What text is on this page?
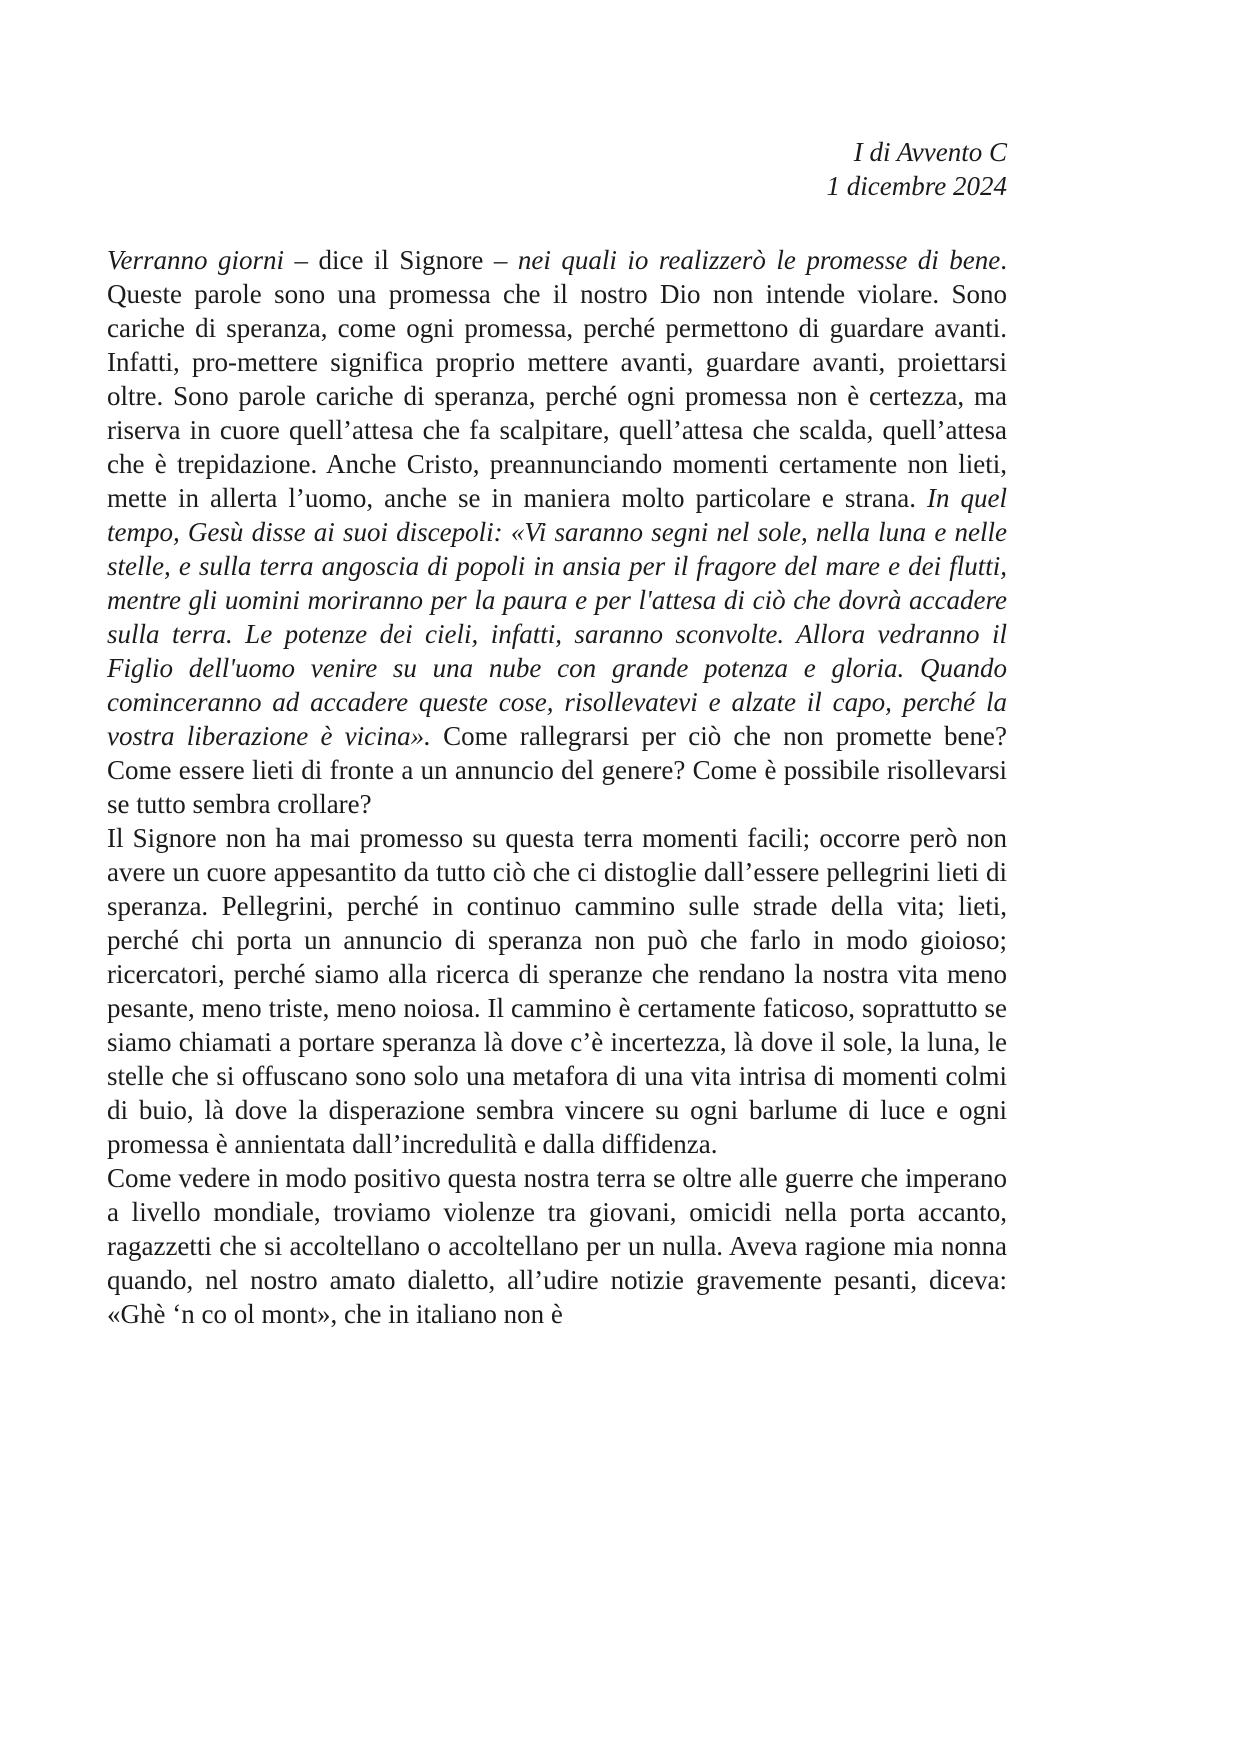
I di Avvento C
1 dicembre 2024

Verranno giorni – dice il Signore – nei quali io realizzerò le promesse di bene. Queste parole sono una promessa che il nostro Dio non intende violare. Sono cariche di speranza, come ogni promessa, perché permettono di guardare avanti. Infatti, pro-mettere significa proprio mettere avanti, guardare avanti, proiettarsi oltre. Sono parole cariche di speranza, perché ogni promessa non è certezza, ma riserva in cuore quell’attesa che fa scalpitare, quell’attesa che scalda, quell’attesa che è trepidazione. Anche Cristo, preannunciando momenti certamente non lieti, mette in allerta l’uomo, anche se in maniera molto particolare e strana. In quel tempo, Gesù disse ai suoi discepoli: «Vi saranno segni nel sole, nella luna e nelle stelle, e sulla terra angoscia di popoli in ansia per il fragore del mare e dei flutti, mentre gli uomini moriranno per la paura e per l'attesa di ciò che dovrà accadere sulla terra. Le potenze dei cieli, infatti, saranno sconvolte. Allora vedranno il Figlio dell'uomo venire su una nube con grande potenza e gloria. Quando cominceranno ad accadere queste cose, risollevatevi e alzate il capo, perché la vostra liberazione è vicina». Come rallegrarsi per ciò che non promette bene? Come essere lieti di fronte a un annuncio del genere? Come è possibile risollevarsi se tutto sembra crollare?

Il Signore non ha mai promesso su questa terra momenti facili; occorre però non avere un cuore appesantito da tutto ciò che ci distoglie dall’essere pellegrini lieti di speranza. Pellegrini, perché in continuo cammino sulle strade della vita; lieti, perché chi porta un annuncio di speranza non può che farlo in modo gioioso; ricercatori, perché siamo alla ricerca di speranze che rendano la nostra vita meno pesante, meno triste, meno noiosa. Il cammino è certamente faticoso, soprattutto se siamo chiamati a portare speranza là dove c’è incertezza, là dove il sole, la luna, le stelle che si offuscano sono solo una metafora di una vita intrisa di momenti colmi di buio, là dove la disperazione sembra vincere su ogni barlume di luce e ogni promessa è annientata dall’incredulità e dalla diffidenza.

Come vedere in modo positivo questa nostra terra se oltre alle guerre che imperano a livello mondiale, troviamo violenze tra giovani, omicidi nella porta accanto, ragazzetti che si accoltellano o accoltellano per un nulla. Aveva ragione mia nonna quando, nel nostro amato dialetto, all’udire notizie gravemente pesanti, diceva: «Ghè ‘n co ol mont», che in italiano non è
